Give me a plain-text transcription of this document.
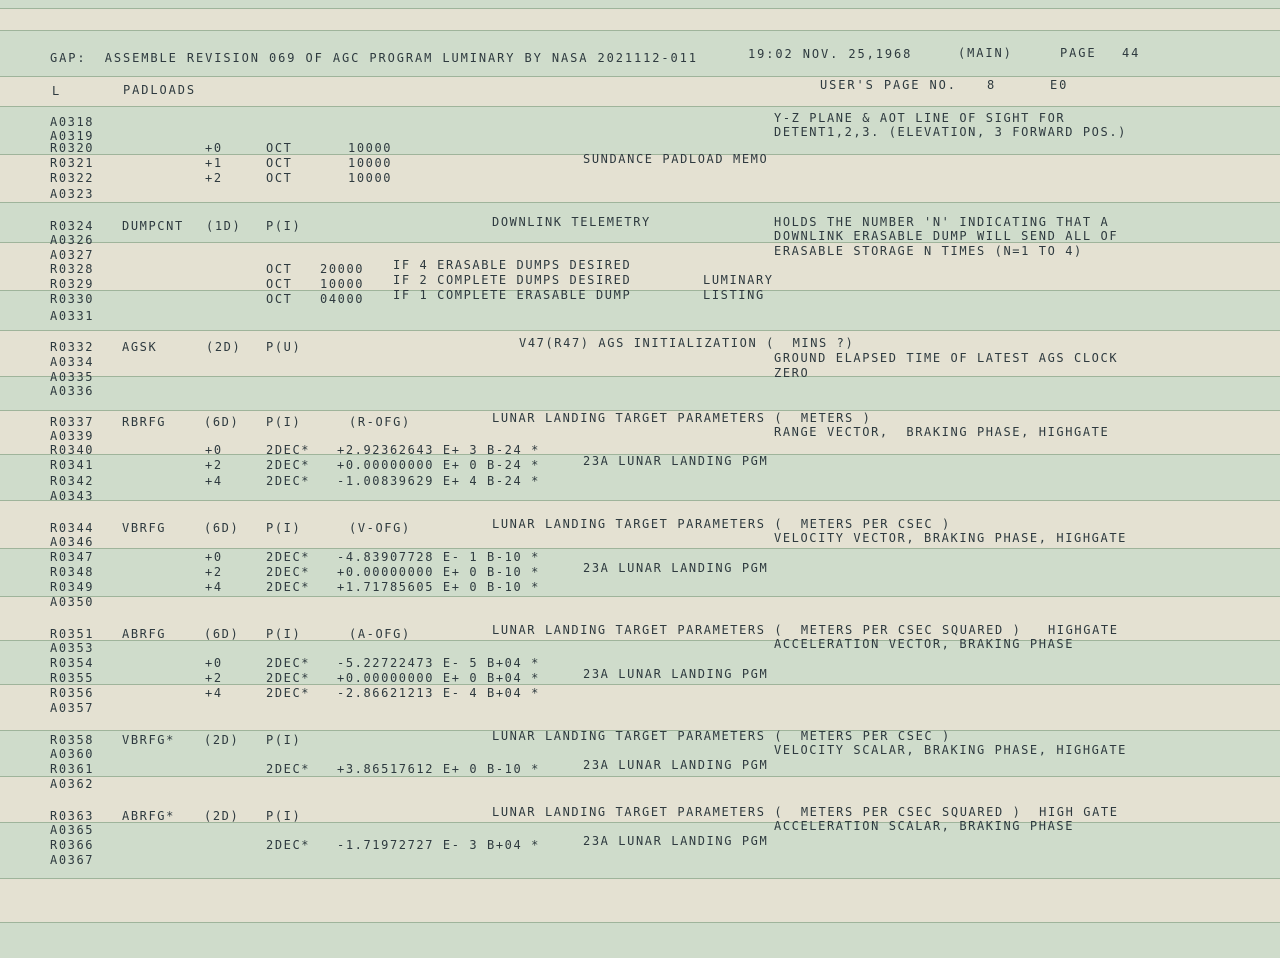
GAP:  ASSEMBLE REVISION 069 OF AGC PROGRAM LUMINARY BY NASA 2021112-011	19:02 NOV. 25,1968	(MAIN)	PAGE 44
USER'S PAGE NO.	8	E0
L	PADLOADS
A0318	Y-Z PLANE & AOT LINE OF SIGHT FOR
A0319	DETENT1,2,3. (ELEVATION, 3 FORWARD POS.)
R0320	+0	OCT	10000
R0321	+1	OCT	10000	SUNDANCE PADLOAD MEMO
R0322	+2	OCT	10000
A0323
R0324 DUMPCNT (1D) P(I)	DOWNLINK TELEMETRY	HOLDS THE NUMBER 'N' INDICATING THAT A
A0326	DOWNLINK ERASABLE DUMP WILL SEND ALL OF
A0327	ERASABLE STORAGE N TIMES (N=1 TO 4)
R0328	OCT 20000 IF 4 ERASABLE DUMPS DESIRED
R0329	OCT 10000 IF 2 COMPLETE DUMPS DESIRED	LUMINARY
R0330	OCT 04000 IF 1 COMPLETE ERASABLE DUMP	LISTING
A0331
R0332 AGSK	(2D) P(U)	V47(R47) AGS INITIALIZATION (  MINS ?)
A0334	GROUND ELAPSED TIME OF LATEST AGS CLOCK
A0335	ZERO
A0336
R0337 RBRFG	(6D) P(I)	(R-OFG)	LUNAR LANDING TARGET PARAMETERS (  METERS )
A0339	RANGE VECTOR,  BRAKING PHASE, HIGHGATE
R0340	+0	2DEC* +2.92362643 E+ 3 B-24 *
R0341	+2	2DEC* +0.00000000 E+ 0 B-24 *	23A LUNAR LANDING PGM
R0342	+4	2DEC* -1.00839629 E+ 4 B-24 *
A0343
R0344 VBRFG	(6D) P(I)	(V-OFG)	LUNAR LANDING TARGET PARAMETERS (  METERS PER CSEC )
A0346	VELOCITY VECTOR, BRAKING PHASE, HIGHGATE
R0347	+0	2DEC* -4.83907728 E- 1 B-10 *
R0348	+2	2DEC* +0.00000000 E+ 0 B-10 *	23A LUNAR LANDING PGM
R0349	+4	2DEC* +1.71785605 E+ 0 B-10 *
A0350
R0351 ABRFG	(6D) P(I)	(A-OFG)	LUNAR LANDING TARGET PARAMETERS (  METERS PER CSEC SQUARED )   HIGHGATE
A0353	ACCELERATION VECTOR, BRAKING PHASE
R0354	+0	2DEC* -5.22722473 E- 5 B+04 *
R0355	+2	2DEC* +0.00000000 E+ 0 B+04 *	23A LUNAR LANDING PGM
R0356	+4	2DEC* -2.86621213 E- 4 B+04 *
A0357
R0358 VBRFG* (2D) P(I)	LUNAR LANDING TARGET PARAMETERS (  METERS PER CSEC )
A0360	VELOCITY SCALAR, BRAKING PHASE, HIGHGATE
R0361	2DEC* +3.86517612 E+ 0 B-10 *	23A LUNAR LANDING PGM
A0362
R0363 ABRFG* (2D) P(I)	LUNAR LANDING TARGET PARAMETERS (  METERS PER CSEC SQUARED )  HIGH GATE
A0365	ACCELERATION SCALAR, BRAKING PHASE
R0366	2DEC* -1.71972727 E- 3 B+04 *	23A LUNAR LANDING PGM
A0367
